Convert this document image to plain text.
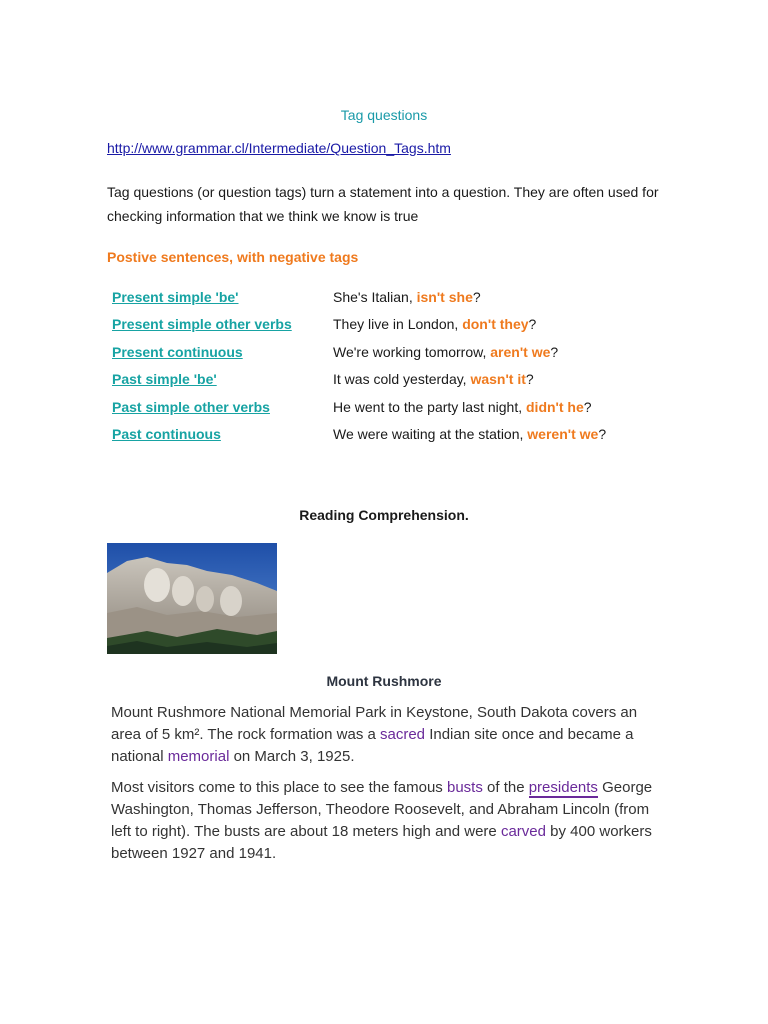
Tag questions
http://www.grammar.cl/Intermediate/Question_Tags.htm
Tag questions (or question tags) turn a statement into a question. They are often used for checking information that we think we know is true
Postive sentences, with negative tags
Present simple 'be'	She's Italian, isn't she?
Present simple other verbs	They live in London, don't they?
Present continuous	We're working tomorrow, aren't we?
Past simple 'be'	It was cold yesterday, wasn't it?
Past simple other verbs	He went to the party last night, didn't he?
Past continuous	We were waiting at the station, weren't we?
Reading Comprehension.
Mount Rushmore
Mount Rushmore National Memorial Park in Keystone, South Dakota covers an area of 5 km². The rock formation was a sacred Indian site once and became a national memorial on March 3, 1925.
Most visitors come to this place to see the famous busts of the presidents George Washington, Thomas Jefferson, Theodore Roosevelt, and Abraham Lincoln (from left to right). The busts are about 18 meters high and were carved by 400 workers between 1927 and 1941.
